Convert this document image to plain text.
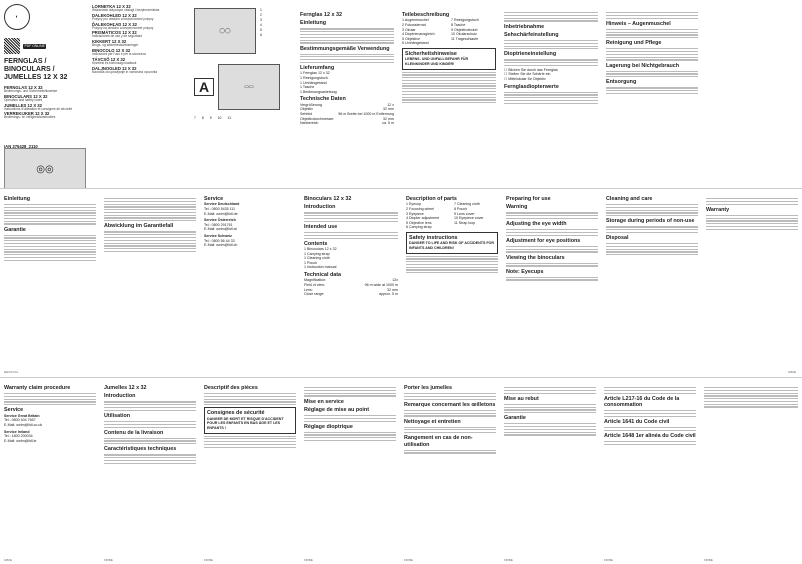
◐
PDF ONLINE
FERNGLAS / BINOCULARS /
JUMELLES 12 X 32
FERNGLAS 12 X 32
Bedienungs- und Sicherheitshinweise
BINOCULARS 12 X 32
Operation and safety notes
JUMELLES 12 X 32
Instructions d'utilisation et consignes de sécurité
VERREKIJKER 12 X 32
Bedienings- en veiligheidsinstructies
◎◎
IAN 375428_2110
LORNETKA 12 X 32
Wskazówki dotyczące obsługi i bezpieczeństwa
DALEKOHLED 12 X 32
Pokyny pro obsluhu a bezpečnostní pokyny
ĎALEKOHĽAD 12 X 32
Pokyny na obsluhu a bezpečnostné pokyny
PRISMÁTICOS 12 X 32
Indicaciones de uso y de seguridad
KIKKERT 12 X 32
Brugs- og sikkerhedsanvisninger
BINOCOLO 12 X 32
Indicazioni per l'uso e per la sicurezza
TÁVCSŐ 12 X 32
Kezelési és biztonsági utalások
DALJNOGLED 12 X 32
Navodila za upravljanje in varnostna opozorila
◯◯
1
2
3
4
5
6
A	▭▭
7 8 9 10 11
Fernglas 12 x 32
Einleitung
Bestimmungsgemäße Verwendung
Lieferumfang
1 Fernglas 12 x 32
1 Reinigungstuch
1 Umhängeband
1 Tasche
1 Bedienungsanleitung
Technische Daten
Vergrößerung	12 x
Objektiv	32 mm
Sehfeld	96 m Breite bei 1000 m Entfernung
Objektivdurchmesser	32 mm
Nahbereich	ca. 5 m
Teilebeschreibung
1 Augenmuschel
2 Fokussierrad
3 Okular
4 Dioptrienausgleich
5 Objektive
6 Umhängeband
7 Reinigungstuch
8 Tasche
9 Objektivdeckel
10 Okularschutz
11 Trageschlaufe
Sicherheitshinweise
LEBENS- UND UNFALLGEFAHR FÜR KLEINKINDER UND KINDER!
Inbetriebnahme
Sehschärfeinstellung
Dioptrieneinstellung
☐ Blicken Sie durch das Fernglas
☐ Stellen Sie die Schärfe ein
☐ Mittelokular für Objektiv
Fernglasdiopterwerte
Hinweis – Augenmuschel
Reinigung und Pflege
Lagerung bei Nichtgebrauch
Entsorgung
Einleitung
Garantie
Abwicklung im Garantiefall
Service
Service Deutschland
Tel.: 0800 5435 111
E-Mail: owim@lidl.de
Service Österreich
Tel.: 0800 291761
E-Mail: owim@lidl.at
Service Schweiz
Tel.: 0800 56 44 33
E-Mail: owim@lidl.ch
Binoculars 12 x 32
Introduction
Intended use
Contents
1 Binoculars 12 x 32
1 Carrying strap
1 Cleaning cloth
1 Pouch
1 Instruction manual
Technical data
Magnification:	12x
Field of view:	96 m wide at 1000 m
Lens:	32 mm
Close range:	approx. 5 m
Description of parts
1 Eyecup
2 Focusing wheel
3 Eyepiece
4 Diopter adjustment
5 Objective lens
6 Carrying strap
7 Cleaning cloth
8 Pouch
9 Lens cover
10 Eyepiece cover
11 Strap loop
Safety instructions
DANGER TO LIFE AND RISK OF ACCIDENTS FOR INFANTS AND CHILDREN!
Preparing for use
Warning
Adjusting the eye width
Adjustment for eye positions
Viewing the binoculars
Note: Eyecups
Cleaning and care
Storage during periods of non-use
Disposal
Warranty
DE/AT/CH	GB/IE
Warranty claim procedure
Service
Service Great Britain
Tel.: 0800 404 7657
E-Mail: owim@lidl.co.uk
Service Ireland
Tel.: 1800 200034
E-Mail: owim@lidl.ie
Jumelles 12 x 32
Introduction
Utilisation
Contenu de la livraison
Caractéristiques techniques
Descriptif des pièces
Consignes de sécurité
DANGER DE MORT ET RISQUE D'ACCIDENT POUR LES ENFANTS EN BAS ÂGE ET LES ENFANTS !
Mise en service
Réglage de mise au point
Réglage dioptrique
Porter les jumelles
Remarque concernant les œilletons
Nettoyage et entretien
Rangement en cas de non-utilisation
Mise au rebut
Garantie
Article L217-16 du Code de la consommation
Article 1641 du Code civil
Article 1648 1er alinéa du Code civil
GB/IE	FR/BE	FR/BE	FR/BE	FR/BE	FR/BE	FR/BE	FR/BE
